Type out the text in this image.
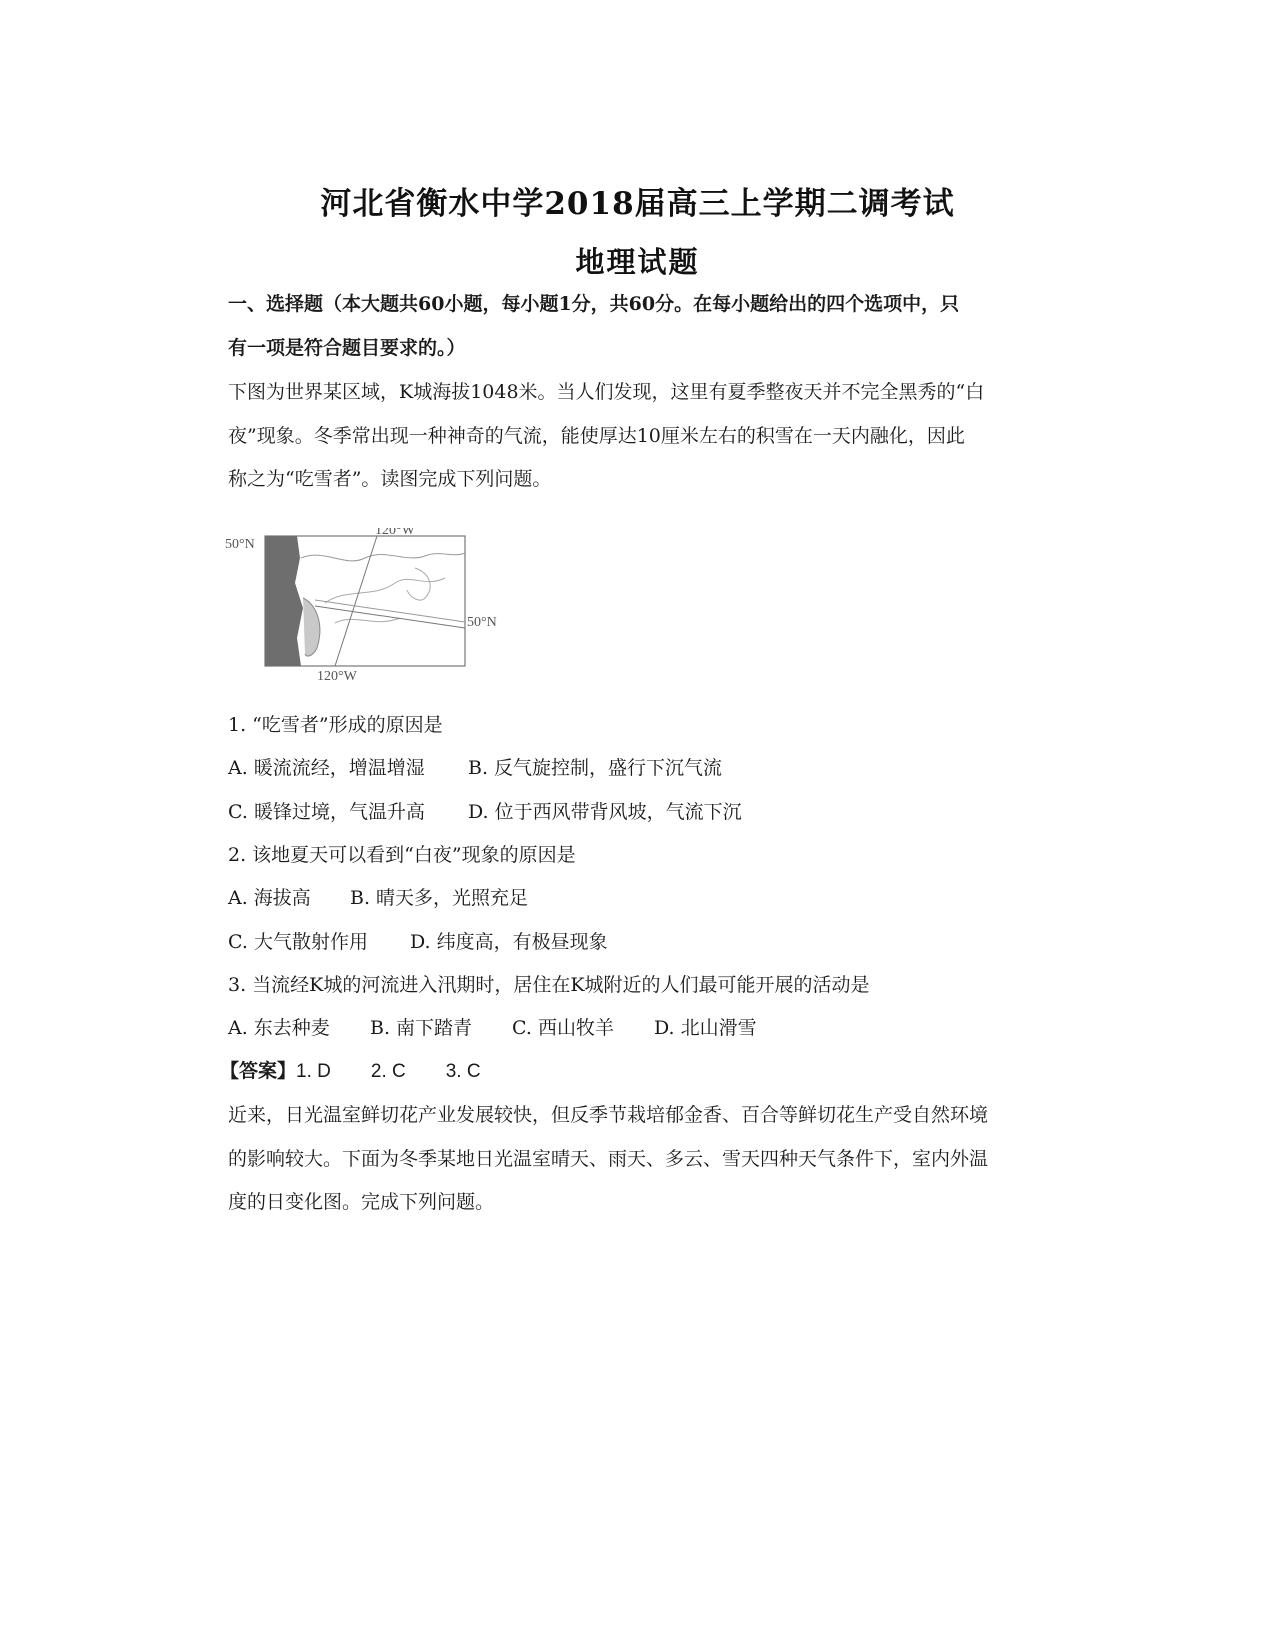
河北省衡水中学2018届高三上学期二调考试
地理试题
一、选择题（本大题共60小题，每小题1分，共60分。在每小题给出的四个选项中，只
有一项是符合题目要求的。）
下图为世界某区域，K城海拔1048米。当人们发现，这里有夏季整夜天并不完全黑秀的“白
夜”现象。冬季常出现一种神奇的气流，能使厚达10厘米左右的积雪在一天内融化，因此
称之为“吃雪者”。读图完成下列问题。
50°N
120°W
50°N
120°W
1. “吃雪者”形成的原因是
A. 暖流流经，增温增湿 B. 反气旋控制，盛行下沉气流
C. 暖锋过境，气温升高 D. 位于西风带背风坡，气流下沉
2. 该地夏天可以看到“白夜”现象的原因是
A. 海拔高 B. 晴天多，光照充足
C. 大气散射作用 D. 纬度高，有极昼现象
3. 当流经K城的河流进入汛期时，居住在K城附近的人们最可能开展的活动是
A. 东去种麦 B. 南下踏青 C. 西山牧羊 D. 北山滑雪
【答案】1. D 2. C 3. C
近来，日光温室鲜切花产业发展较快，但反季节栽培郁金香、百合等鲜切花生产受自然环境
的影响较大。下面为冬季某地日光温室晴天、雨天、多云、雪天四种天气条件下，室内外温
度的日变化图。完成下列问题。
